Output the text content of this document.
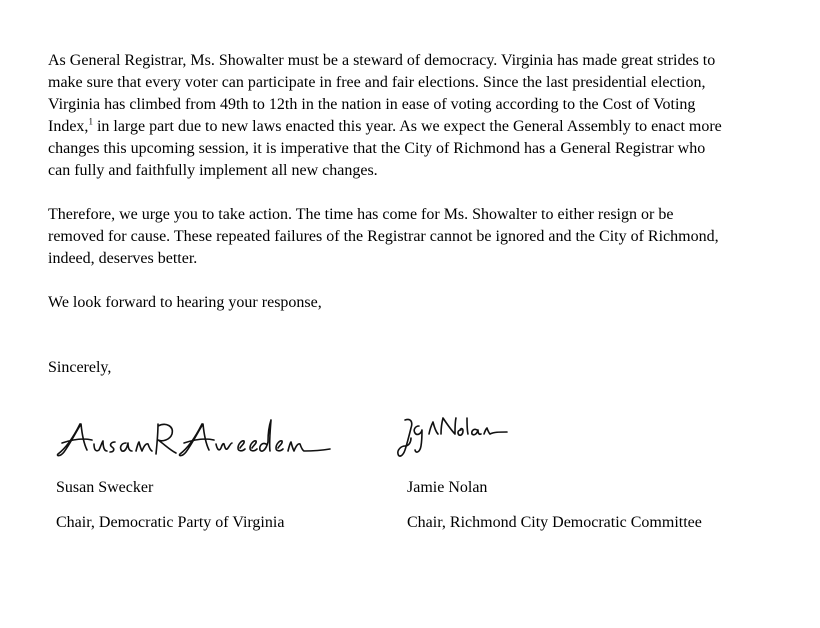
As General Registrar, Ms. Showalter must be a steward of democracy. Virginia has made great strides to
make sure that every voter can participate in free and fair elections. Since the last presidential election,
Virginia has climbed from 49th to 12th in the nation in ease of voting according to the Cost of Voting
Index,$^1$ in large part due to new laws enacted this year. As we expect the General Assembly to enact more
changes this upcoming session, it is imperative that the City of Richmond has a General Registrar who
can fully and faithfully implement all new changes.

Therefore, we urge you to take action. The time has come for Ms. Showalter to either resign or be
removed for cause. These repeated failures of the Registrar cannot be ignored and the City of Richmond,
indeed, deserves better.

We look forward to hearing your response,

Sincerely,

Susan Swecker
Chair, Democratic Party of Virginia
Jamie Nolan
Chair, Richmond City Democratic Committee
